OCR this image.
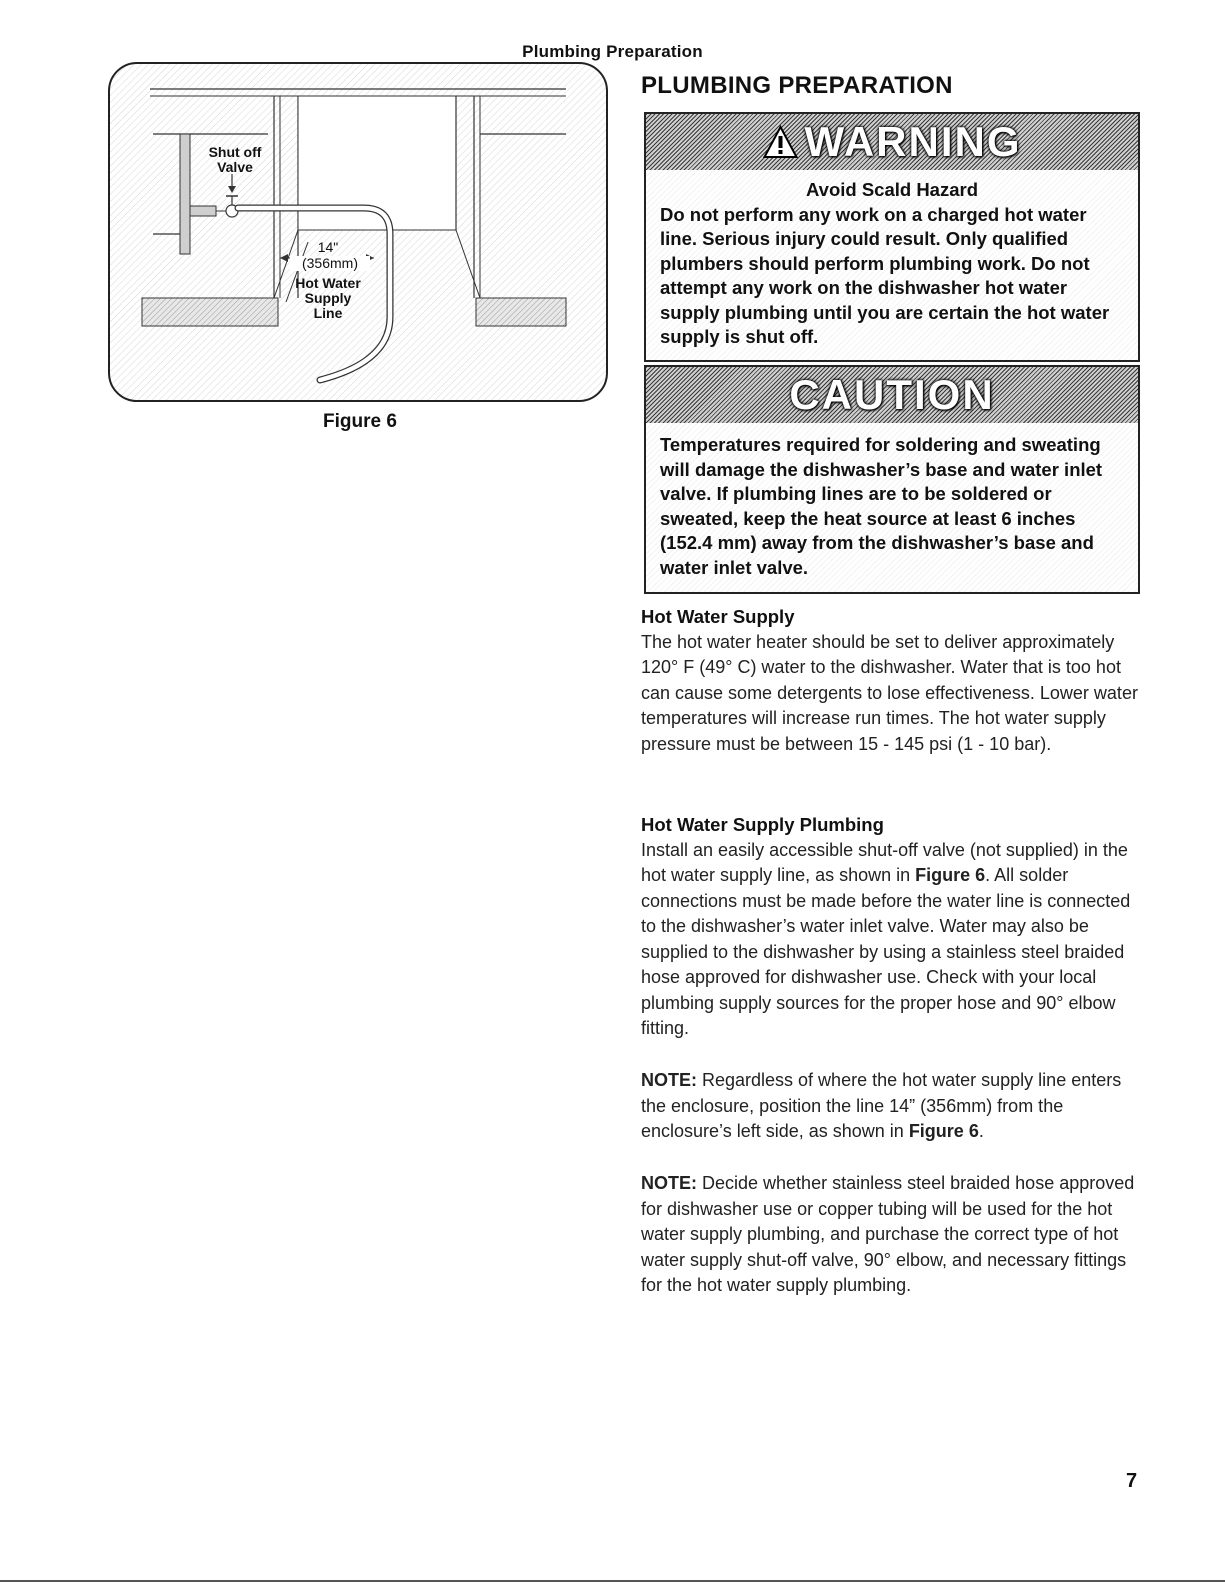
Plumbing Preparation
Shut off
Valve
14"
(356mm)
Hot Water
Supply
Line
Figure 6
PLUMBING PREPARATION
WARNING
Avoid Scald Hazard
Do not perform any work on a charged hot water line. Serious injury could result. Only qualified plumbers should perform plumbing work. Do not attempt any work on the dishwasher hot water supply plumbing until you are certain the hot water supply is shut off.
CAUTION
Temperatures required for soldering and sweating will damage the dishwasher’s base and water inlet valve. If plumbing lines are to be soldered or sweated, keep the heat source at least 6 inches (152.4 mm) away from the dishwasher’s base and water inlet valve.
Hot Water Supply
The hot water heater should be set to deliver approximately 120° F (49° C) water to the dishwasher. Water that is too hot can cause some detergents to lose effectiveness. Lower water temperatures will increase run times. The hot water supply pressure must be between 15 - 145 psi (1 - 10 bar).
Hot Water Supply Plumbing
Install an easily accessible shut-off valve (not supplied) in the hot water supply line, as shown in Figure 6. All solder connections must be made before the water line is connected to the dishwasher’s water inlet valve. Water may also be supplied to the dishwasher by using a stainless steel braided hose approved for dishwasher use. Check with your local plumbing supply sources for the proper hose and 90° elbow fitting.
NOTE: Regardless of where the hot water supply line enters the enclosure, position the line 14” (356mm) from the enclosure’s left side, as shown in Figure 6.
NOTE: Decide whether stainless steel braided hose approved for dishwasher use or copper tubing will be used for the hot water supply plumbing, and purchase the correct type of hot water supply shut-off valve, 90° elbow, and necessary fittings for the hot water supply plumbing.
7
